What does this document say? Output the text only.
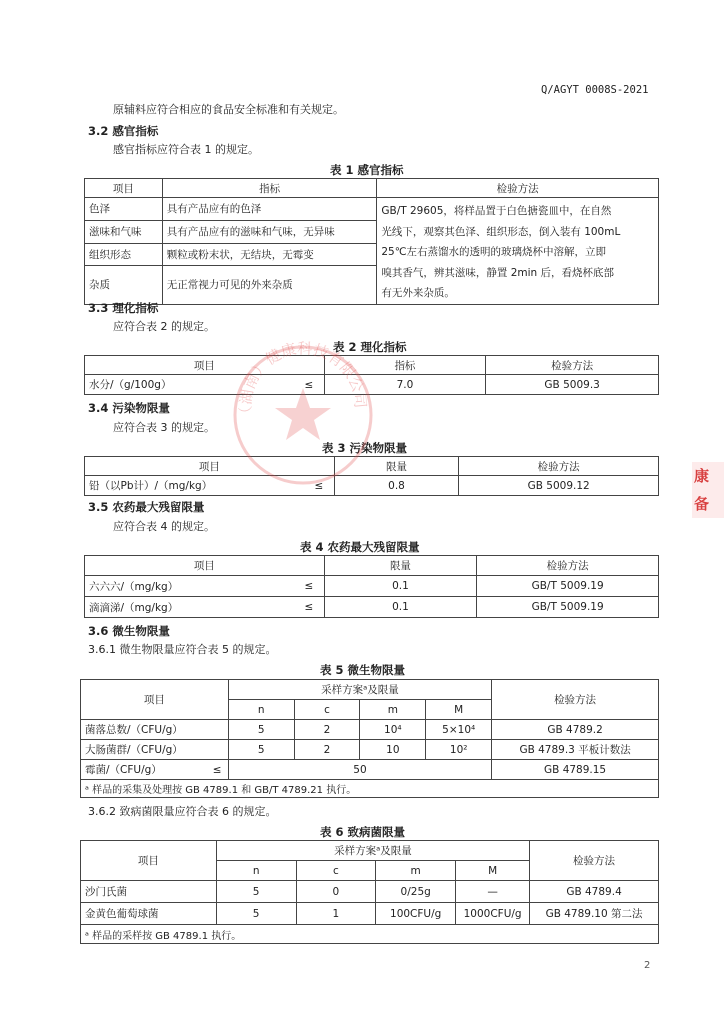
Q/AGYT 0008S-2021
原辅料应符合相应的食品安全标准和有关规定。
3.2 感官指标
感官指标应符合表 1 的规定。
表 1 感官指标
项目	指标	检验方法
色泽	具有产品应有的色泽	GB/T 29605，将样品置于白色搪瓷皿中，在自然
光线下，观察其色泽、组织形态，倒入装有 100mL
25℃左右蒸馏水的透明的玻璃烧杯中溶解，立即
嗅其香气，辨其滋味，静置 2min 后，看烧杯底部
有无外来杂质。

滋味和气味	具有产品应有的滋味和气味，无异味	
组织形态	颗粒或粉末状，无结块，无霉变	
杂质	无正常视力可见的外来杂质	
3.3 理化指标
应符合表 2 的规定。
表 2 理化指标
项目		指标	检验方法
水分/（g/100g）	≤	7.0	GB 5009.3
3.4 污染物限量
应符合表 3 的规定。
表 3 污染物限量
项目		限量	检验方法
铅（以Pb计）/（mg/kg）	≤	0.8	GB 5009.12
3.5 农药最大残留限量
应符合表 4 的规定。
表 4 农药最大残留限量
项目		限量	检验方法
六六六/（mg/kg）	≤	0.1	GB/T 5009.19
滴滴涕/（mg/kg）	≤	0.1	GB/T 5009.19
3.6 微生物限量
3.6.1 微生物限量应符合表 5 的规定。
表 5 微生物限量
项目		采样方案ᵃ及限量				检验方法
		n	c	m	M	
菌落总数/（CFU/g）		5	2	10⁴	5×10⁴	GB 4789.2
大肠菌群/（CFU/g）		5	2	10	10²	GB 4789.3 平板计数法
霉菌/（CFU/g）	≤	50				GB 4789.15
ᵃ 样品的采集及处理按 GB 4789.1 和 GB/T 4789.21 执行。						
3.6.2 致病菌限量应符合表 6 的规定。
表 6 致病菌限量
项目	采样方案ᵃ及限量				检验方法
	n	c	m	M	
沙门氏菌	5	0	0/25g	—	GB 4789.4
金黄色葡萄球菌	5	1	100CFU/g	1000CFU/g	GB 4789.10 第二法
ᵃ 样品的采样按 GB 4789.1 执行。					
2
（湖南）健康科技有限公司
康
备
